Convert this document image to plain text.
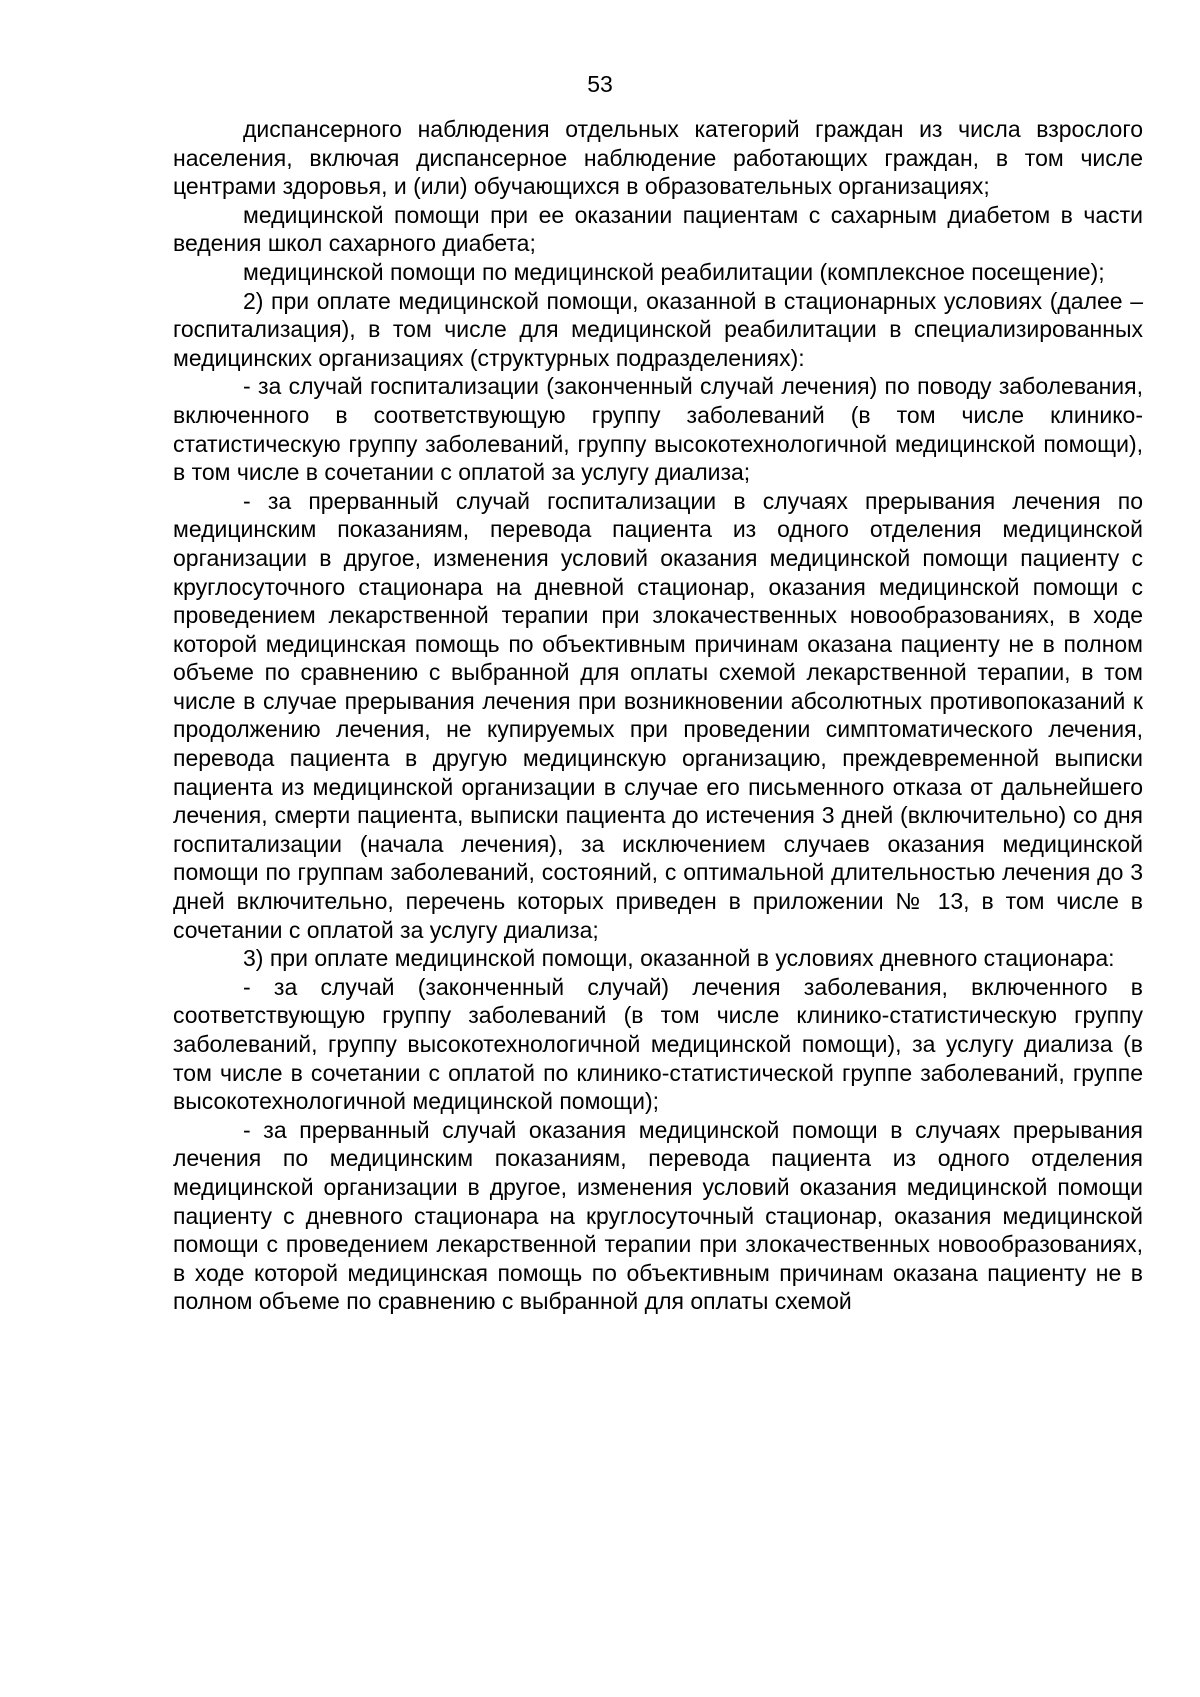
53

диспансерного наблюдения отдельных категорий граждан из числа взрослого населения, включая диспансерное наблюдение работающих граждан, в том числе центрами здоровья, и (или) обучающихся в образовательных организациях;

медицинской помощи при ее оказании пациентам с сахарным диабетом в части ведения школ сахарного диабета;

медицинской помощи по медицинской реабилитации (комплексное посещение);

2) при оплате медицинской помощи, оказанной в стационарных условиях (далее – госпитализация), в том числе для медицинской реабилитации в специализированных медицинских организациях (структурных подразделениях):

- за случай госпитализации (законченный случай лечения) по поводу заболевания, включенного в соответствующую группу заболеваний (в том числе клинико-статистическую группу заболеваний, группу высокотехнологичной медицинской помощи), в том числе в сочетании с оплатой за услугу диализа;

- за прерванный случай госпитализации в случаях прерывания лечения по медицинским показаниям, перевода пациента из одного отделения медицинской организации в другое, изменения условий оказания медицинской помощи пациенту с круглосуточного стационара на дневной стационар, оказания медицинской помощи с проведением лекарственной терапии при злокачественных новообразованиях, в ходе которой медицинская помощь по объективным причинам оказана пациенту не в полном объеме по сравнению с выбранной для оплаты схемой лекарственной терапии, в том числе в случае прерывания лечения при возникновении абсолютных противопоказаний к продолжению лечения, не купируемых при проведении симптоматического лечения, перевода пациента в другую медицинскую организацию, преждевременной выписки пациента из медицинской организации в случае его письменного отказа от дальнейшего лечения, смерти пациента, выписки пациента до истечения 3 дней (включительно) со дня госпитализации (начала лечения), за исключением случаев оказания медицинской помощи по группам заболеваний, состояний, с оптимальной длительностью лечения до 3 дней включительно, перечень которых приведен в приложении № 13, в том числе в сочетании с оплатой за услугу диализа;

3) при оплате медицинской помощи, оказанной в условиях дневного стационара:

- за случай (законченный случай) лечения заболевания, включенного в соответствующую группу заболеваний (в том числе клинико-статистическую группу заболеваний, группу высокотехнологичной медицинской помощи), за услугу диализа (в том числе в сочетании с оплатой по клинико-статистической группе заболеваний, группе высокотехнологичной медицинской помощи);

- за прерванный случай оказания медицинской помощи в случаях прерывания лечения по медицинским показаниям, перевода пациента из одного отделения медицинской организации в другое, изменения условий оказания медицинской помощи пациенту с дневного стационара на круглосуточный стационар, оказания медицинской помощи с проведением лекарственной терапии при злокачественных новообразованиях, в ходе которой медицинская помощь по объективным причинам оказана пациенту не в полном объеме по сравнению с выбранной для оплаты схемой
